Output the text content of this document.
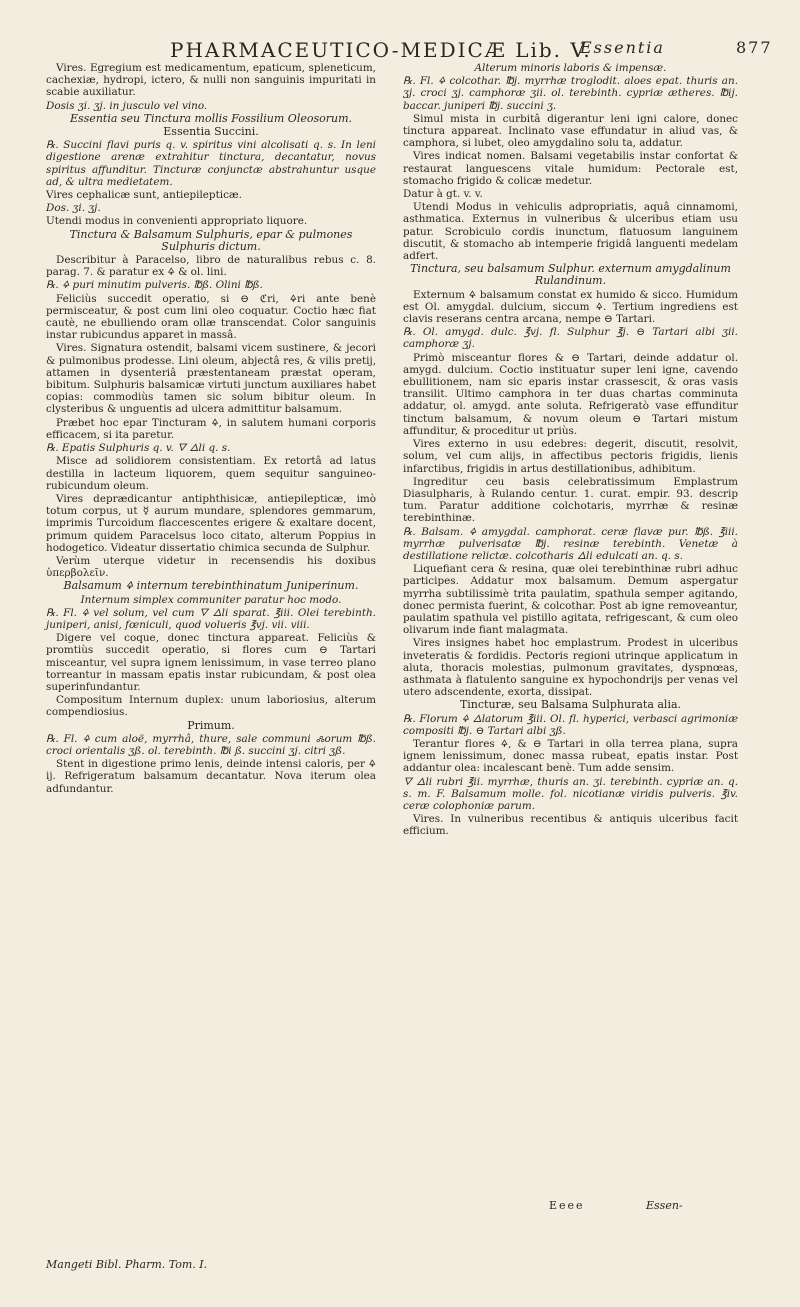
PHARMACEUTICO-MEDICÆ Lib. V.
Essentia	877

Vires. Egregium est medicamentum, epaticum, spleneticum, cachexiæ, hydropi, ictero, & nulli non sanguinis impuritati in scabie auxiliatur.

Dosis ʒi. ʒj. in jusculo vel vino.

Essentia seu Tinctura mollis Fossilium Oleosorum.

Essentia Succini.

℞. Succini flavi puris q. v. spiritus vini alcolisati q. s. In leni digestione arenæ extrahitur tinctura, decantatur, novus spiritus affunditur. Tincturæ conjunctæ abstrahuntur usque ad, & ultra medietatem.

Vires cephalicæ sunt, antiepilepticæ.

Dos. ʒi. ʒj.

Utendi modus in convenienti appropriato liquore.

Tinctura & Balsamum Sulphuris, epar & pulmones Sulphuris dictum.

Describitur à Paracelso, libro de naturalibus rebus c. 8. parag. 7. & paratur ex 🜍 & ol. lini.

℞. 🜍 puri minutim pulveris. ℔ß. Olini ℔ß.

Feliciùs succedit operatio, si ⊖ ℭri, 🜍ri ante benè permisceatur, & post cum lini oleo coquatur. Coctio hæc fiat cautè, ne ebulliendo oram ollæ transcendat. Color sanguinis instar rubicundus apparet in massâ.

Vires. Signatura ostendit, balsami vicem sustinere, & jecori & pulmonibus prodesse. Lini oleum, abjectâ res, & vilis pretij, attamen in dysenteriâ præstentaneam præstat operam, bibitum. Sulphuris balsamicæ virtuti junctum auxiliares habet copias: commodiùs tamen sic solum bibitur oleum. In clysteribus & unguentis ad ulcera admittitur balsamum.

Præbet hoc epar Tincturam 🜍, in salutem humani corporis efficacem, si ita paretur.

℞. Epatis Sulphuris q. v. 🜄 🜂li q. s.

Misce ad solidiorem consistentiam. Ex retortâ ad latus destilla in lacteum liquorem, quem sequitur sanguineo-rubicundum oleum.

Vires deprædicantur antiphthisicæ, antiepilepticæ, imò totum corpus, ut ☿ aurum mundare, splendores gemmarum, imprimis Turcoidum flaccescentes erigere & exaltare docent, primum quidem Paracelsus loco citato, alterum Poppius in hodogetico. Videatur dissertatio chimica secunda de Sulphur.

Verùm uterque videtur in recensendis his doxibus ὑπερβολεῖν.

Balsamum 🜍 internum terebinthinatum Juniperinum.

Internum simplex communiter paratur hoc modo.

℞. Fl. 🜍 vel solum, vel cum 🜄 🜂li sparat. ℥iii. Olei terebinth. juniperi, anisi, fœniculi, quod volueris ℥vj. vii. viii.

Digere vel coque, donec tinctura appareat. Feliciùs & promtiùs succedit operatio, si flores cum ⊖ Tartari misceantur, vel supra ignem lenissimum, in vase terreo plano torreantur in massam epatis instar rubicundam, & post olea superinfundantur.

Compositum Internum duplex: unum laboriosius, alterum compendiosius.

Primum.

℞. Fl. 🜍 cum aloë, myrrhâ, thure, sale communi 🝆orum ℔ß. croci orientalis ʒß. ol. terebinth. ℔i ß. succini ʒj. citri ʒß.

Stent in digestione primo lenis, deinde intensi caloris, per 🜍 ij. Refrigeratum balsamum decantatur. Nova iterum olea adfundantur.

Alterum minoris laboris & impensæ.

℞. Fl. 🜍 colcothar. ℔j. myrrhæ troglodit. aloes epat. thuris an. ʒj. croci ʒj. camphoræ ʒii. ol. terebinth. cypriæ ætheres. ℔ij. baccar. juniperi ℔j. succini ʒ.

Simul mista in curbitâ digerantur leni igni calore, donec tinctura appareat. Inclinato vase effundatur in aliud vas, & camphora, si lubet, oleo amygdalino solu ta, addatur.

Vires indicat nomen. Balsami vegetabilis instar confortat & restaurat languescens vitale humidum: Pectorale est, stomacho frigido & colicæ medetur.

Datur à gt. v. v.

Utendi Modus in vehiculis adpropriatis, aquâ cinnamomi, asthmatica. Externus in vulneribus & ulceribus etiam usu patur. Scrobiculo cordis inunctum, flatuosum languinem discutit, & stomacho ab intemperie frigidâ languenti medelam adfert.

Tinctura, seu balsamum Sulphur. externum amygdalinum Rulandinum.

Externum 🜍 balsamum constat ex humido & sicco. Humidum est Ol. amygdal. dulcium, siccum 🜍. Tertium ingrediens est clavis reserans centra arcana, nempe ⊖ Tartari.

℞. Ol. amygd. dulc. ℥vj. fl. Sulphur ℥j. ⊖ Tartari albi ʒii. camphoræ ʒj.

Primò misceantur flores & ⊖ Tartari, deinde addatur ol. amygd. dulcium. Coctio instituatur super leni igne, cavendo ebullitionem, nam sic eparis instar crassescit, & oras vasis transilit. Ultimo camphora in ter duas chartas comminuta addatur, ol. amygd. ante soluta. Refrigeratò vase effunditur tinctum balsamum, & novum oleum ⊖ Tartari mistum affunditur, & proceditur ut priùs.

Vires externo in usu edebres: degerit, discutit, resolvit, solum, vel cum alijs, in affectibus pectoris frigidis, lienis infarctibus, frigidis in artus destillationibus, adhibitum.

Ingreditur ceu basis celebratissimum Emplastrum Diasulpharis, à Rulando centur. 1. curat. empir. 93. descrip tum. Paratur additione colchotaris, myrrhæ & resinæ terebinthinæ.

℞. Balsam. 🜍 amygdal. camphorat. ceræ flavæ pur. ℔ß. ℥iii. myrrhæ pulverisatæ ℔j. resinæ terebinth. Venetæ à destillatione relictæ. colcotharis 🜂li edulcati an. q. s.

Liquefiant cera & resina, quæ olei terebinthinæ rubri adhuc participes. Addatur mox balsamum. Demum aspergatur myrrha subtilissimè trita paulatim, spathula semper agitando, donec permista fuerint, & colcothar. Post ab igne removeantur, paulatim spathula vel pistillo agitata, refrigescant, & cum oleo olivarum inde fiant malagmata.

Vires insignes habet hoc emplastrum. Prodest in ulceribus inveteratis & fordidis. Pectoris regioni utrinque applicatum in aluta, thoracis molestias, pulmonum gravitates, dyspnœas, asthmata à flatulento sanguine ex hypochondrijs per venas vel utero adscendente, exorta, dissipat.

Tincturæ, seu Balsama Sulphurata alia.

℞. Florum 🜍 🜂latorum ℥iii. Ol. fl. hyperici, verbasci agrimoniæ compositi ℔j. ⊖ Tartari albi ʒß.

Terantur flores 🜍, & ⊖ Tartari in olla terrea plana, supra ignem lenissimum, donec massa rubeat, epatis instar. Post addantur olea: incalescant benè. Tum adde sensim.

🜄 🜂li rubri ℥ii. myrrhæ, thuris an. ʒi. terebinth. cypriæ an. q. s. m. F. Balsamum molle. fol. nicotianæ viridis pulveris. ℥iv. ceræ colophoniæ parum.

Vires. In vulneribus recentibus & antiquis ulceribus facit efficium.

Mangeti Bibl. Pharm. Tom. I.
Eeee	Essen-
